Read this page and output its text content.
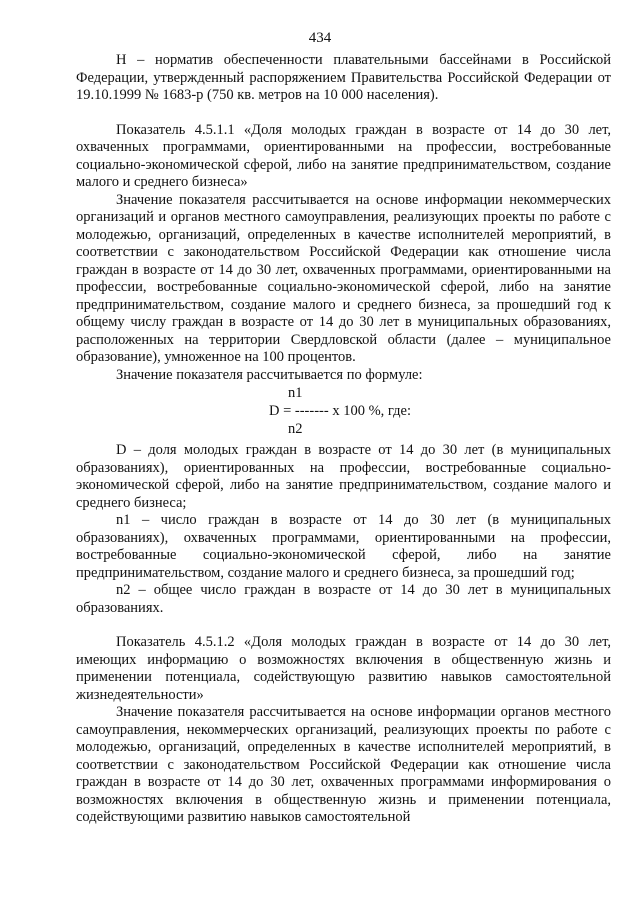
434

H – норматив обеспеченности плавательными бассейнами в Российской Федерации, утвержденный распоряжением Правительства Российской Федерации от 19.10.1999 № 1683-р (750 кв. метров на 10 000 населения).

Показатель 4.5.1.1 «Доля молодых граждан в возрасте от 14 до 30 лет, охваченных программами, ориентированными на профессии, востребованные социально-экономической сферой, либо на занятие предпринимательством, создание малого и среднего бизнеса»

Значение показателя рассчитывается на основе информации некоммерческих организаций и органов местного самоуправления, реализующих проекты по работе с молодежью, организаций, определенных в качестве исполнителей мероприятий, в соответствии с законодательством Российской Федерации как отношение числа граждан в возрасте от 14 до 30 лет, охваченных программами, ориентированными на профессии, востребованные социально-экономической сферой, либо на занятие предпринимательством, создание малого и среднего бизнеса, за прошедший год к общему числу граждан в возрасте от 14 до 30 лет в муниципальных образованиях, расположенных на территории Свердловской области (далее – муниципальное образование), умноженное на 100 процентов.

Значение показателя рассчитывается по формуле:

n1
D = ------- x 100 %, где:
n2

D – доля молодых граждан в возрасте от 14 до 30 лет (в муниципальных образованиях), ориентированных на профессии, востребованные социально-экономической сферой, либо на занятие предпринимательством, создание малого и среднего бизнеса;

n1 – число граждан в возрасте от 14 до 30 лет (в муниципальных образованиях), охваченных программами, ориентированными на профессии, востребованные социально-экономической сферой, либо на занятие предпринимательством, создание малого и среднего бизнеса, за прошедший год;

n2 – общее число граждан в возрасте от 14 до 30 лет в муниципальных образованиях.

Показатель 4.5.1.2 «Доля молодых граждан в возрасте от 14 до 30 лет, имеющих информацию о возможностях включения в общественную жизнь и применении потенциала, содействующую развитию навыков самостоятельной жизнедеятельности»

Значение показателя рассчитывается на основе информации органов местного самоуправления, некоммерческих организаций, реализующих проекты по работе с молодежью, организаций, определенных в качестве исполнителей мероприятий, в соответствии с законодательством Российской Федерации как отношение числа граждан в возрасте от 14 до 30 лет, охваченных программами информирования о возможностях включения в общественную жизнь и применении потенциала, содействующими развитию навыков самостоятельной
